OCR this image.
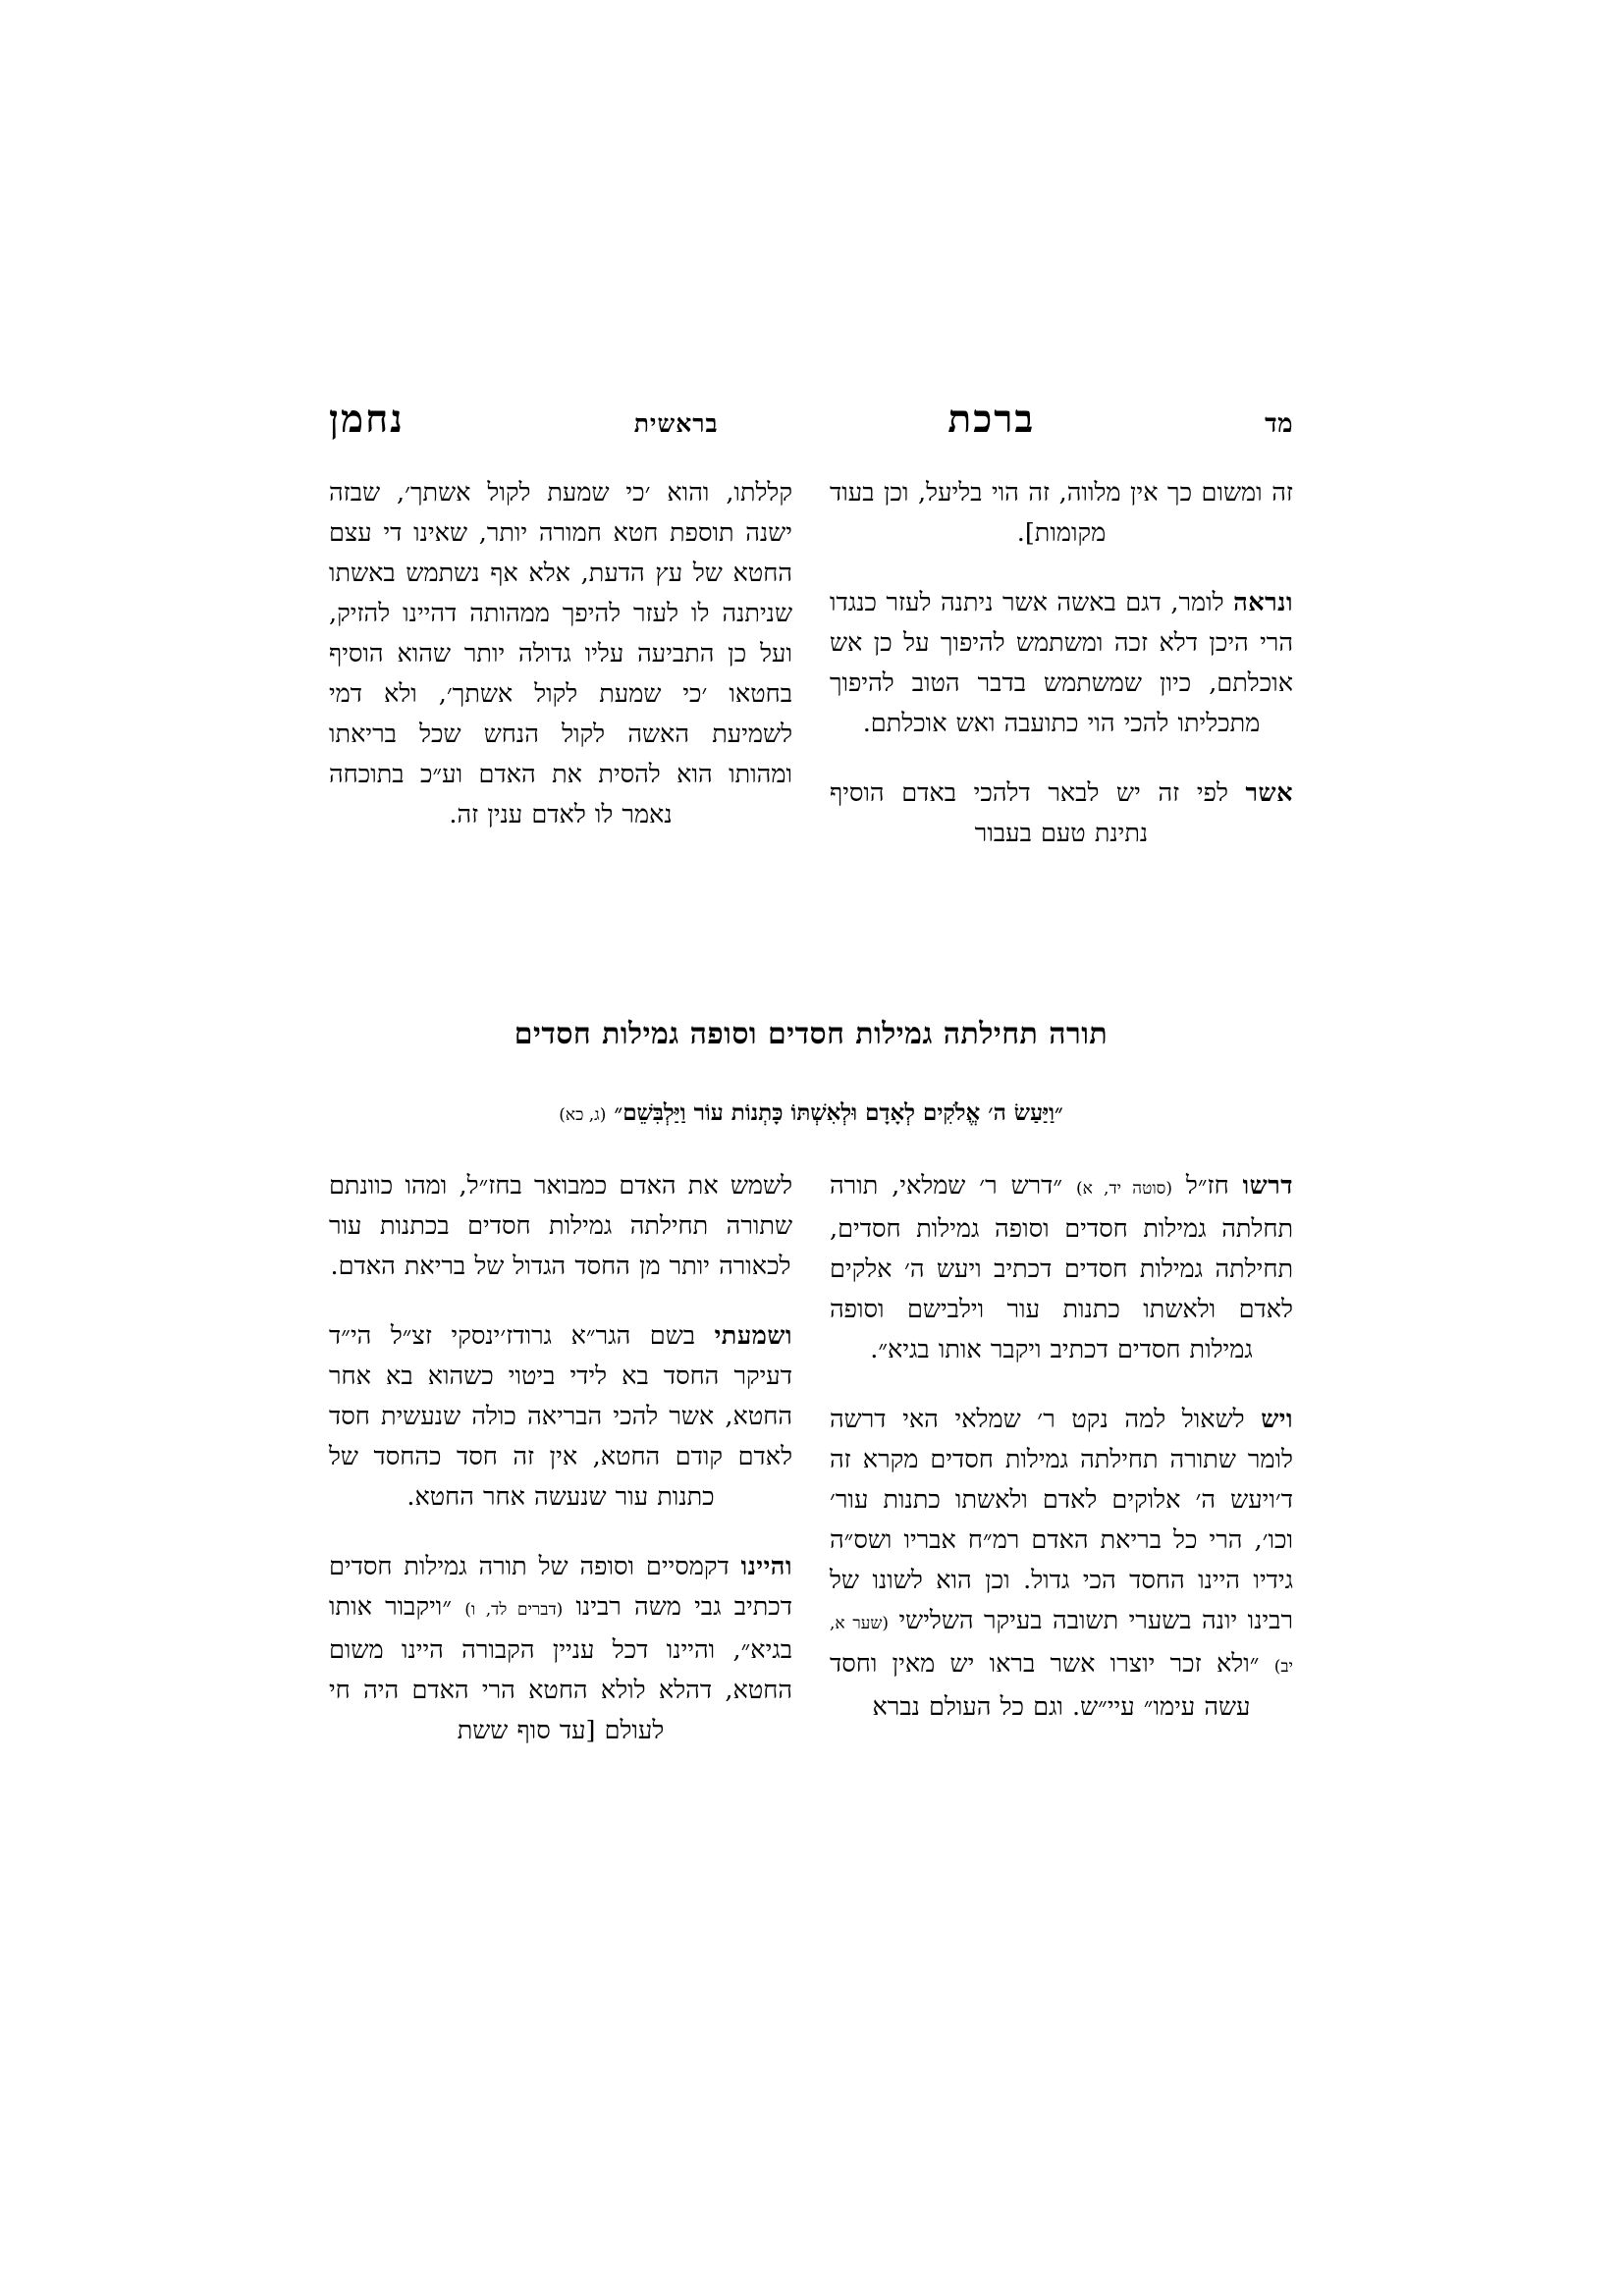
מד
ברכת
בראשית
נחמן

זה ומשום כך אין מלווה, זה הוי בליעל, וכן בעוד מקומות].

ונראה לומר, דגם באשה אשר ניתנה לעזר כנגדו הרי היכן דלא זכה ומשתמש להיפוך על כן אש אוכלתם, כיון שמשתמש בדבר הטוב להיפוך מתכליתו להכי הוי כתועבה ואש אוכלתם.

אשר לפי זה יש לבאר דלהכי באדם הוסיף נתינת טעם בעבור

קללתו, והוא ׳כי שמעת לקול אשתך׳, שבזה ישנה תוספת חטא חמורה יותר, שאינו די עצם החטא של עץ הדעת, אלא אף נשתמש באשתו שניתנה לו לעזר להיפך ממהותה דהיינו להזיק, ועל כן התביעה עליו גדולה יותר שהוא הוסיף בחטאו ׳כי שמעת לקול אשתך׳, ולא דמי לשמיעת האשה לקול הנחש שכל בריאתו ומהותו הוא להסית את האדם וע״כ בתוכחה נאמר לו לאדם ענין זה.

תורה תחילתה גמילות חסדים וסופה גמילות חסדים
״וַיַּעַשׂ ה׳ אֱלֹקִים לְאָדָם וּלְאִשְׁתּוֹ כָּתְנוֹת עוֹר וַיַּלְבִּשֵׁם״ (ג, כא)

דרשו חז״ל (סוטה יד, א) ״דרש ר׳ שמלאי, תורה תחלתה גמילות חסדים וסופה גמילות חסדים, תחילתה גמילות חסדים דכתיב ויעש ה׳ אלקים לאדם ולאשתו כתנות עור וילבישם וסופה גמילות חסדים דכתיב ויקבר אותו בגיא״.

ויש לשאול למה נקט ר׳ שמלאי האי דרשה לומר שתורה תחילתה גמילות חסדים מקרא זה ד׳ויעש ה׳ אלוקים לאדם ולאשתו כתנות עור׳ וכו׳, הרי כל בריאת האדם רמ״ח אבריו ושס״ה גידיו היינו החסד הכי גדול. וכן הוא לשונו של רבינו יונה בשערי תשובה בעיקר השלישי (שער א, יב) ״ולא זכר יוצרו אשר בראו יש מאין וחסד עשה עימו״ עיי״ש. וגם כל העולם נברא

לשמש את האדם כמבואר בחז״ל, ומהו כוונתם שתורה תחילתה גמילות חסדים בכתנות עור לכאורה יותר מן החסד הגדול של בריאת האדם.

ושמעתי בשם הגר״א גרודז׳ינסקי זצ״ל הי״ד דעיקר החסד בא לידי ביטוי כשהוא בא אחר החטא, אשר להכי הבריאה כולה שנעשית חסד לאדם קודם החטא, אין זה חסד כהחסד של כתנות עור שנעשה אחר החטא.

והיינו דקמסיים וסופה של תורה גמילות חסדים דכתיב גבי משה רבינו (דברים לד, ו) ״ויקבור אותו בגיא״, והיינו דכל עניין הקבורה היינו משום החטא, דהלא לולא החטא הרי האדם היה חי לעולם [עד סוף ששת
